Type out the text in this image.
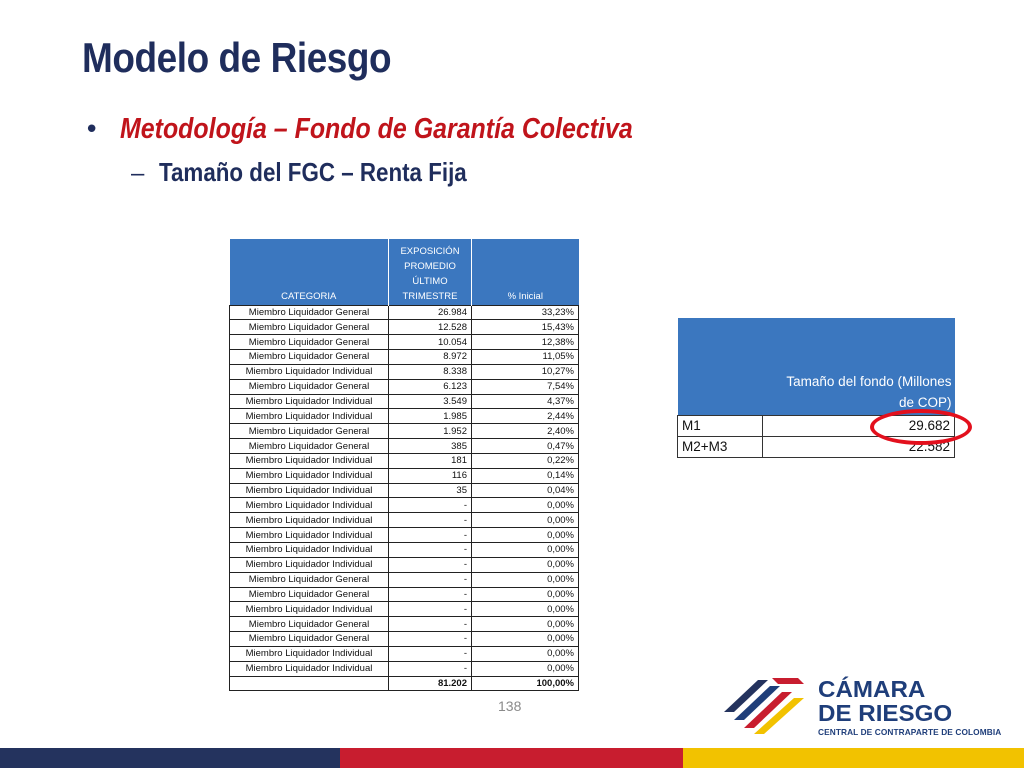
Modelo de Riesgo
• Metodología – Fondo de Garantía Colectiva
– Tamaño del FGC – Renta Fija
CATEGORIA	EXPOSICIÓN
PROMEDIO
ÚLTIMO
TRIMESTRE	% Inicial

Miembro Liquidador General	26.984	33,23%
Miembro Liquidador General	12.528	15,43%
Miembro Liquidador General	10.054	12,38%
Miembro Liquidador General	8.972	11,05%
Miembro Liquidador Individual	8.338	10,27%
Miembro Liquidador General	6.123	7,54%
Miembro Liquidador Individual	3.549	4,37%
Miembro Liquidador Individual	1.985	2,44%
Miembro Liquidador General	1.952	2,40%
Miembro Liquidador General	385	0,47%
Miembro Liquidador Individual	181	0,22%
Miembro Liquidador Individual	116	0,14%
Miembro Liquidador Individual	35	0,04%
Miembro Liquidador Individual	-	0,00%
Miembro Liquidador Individual	-	0,00%
Miembro Liquidador Individual	-	0,00%
Miembro Liquidador Individual	-	0,00%
Miembro Liquidador Individual	-	0,00%
Miembro Liquidador General	-	0,00%
Miembro Liquidador General	-	0,00%
Miembro Liquidador Individual	-	0,00%
Miembro Liquidador General	-	0,00%
Miembro Liquidador General	-	0,00%
Miembro Liquidador Individual	-	0,00%
Miembro Liquidador Individual	-	0,00%
	81.202	100,00%
Tamaño del fondo (Millones
de COP)	

M1	29.682
M2+M3	22.582
138
CÁMARA
DE RIESGO
CENTRAL DE CONTRAPARTE DE COLOMBIA
